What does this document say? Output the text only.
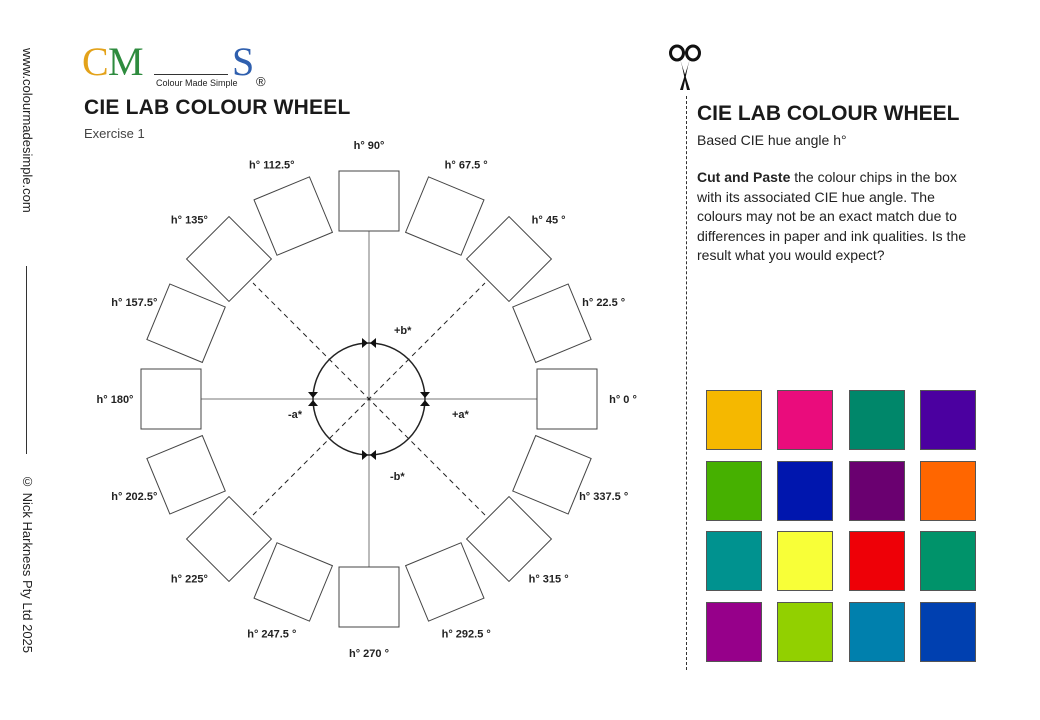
www.colourmadesimple.com
© Nick Harkness Pty Ltd 2025
C M S
Colour Made Simple ®
CIE LAB COLOUR WHEEL
Exercise 1
h° 0 °
h° 22.5 °
h° 45 °
h° 67.5 °
h° 90°
h° 112.5°
h° 135°
h° 157.5°
h° 180°
h° 202.5°
h° 225°
h° 247.5 °
h° 270 °
h° 292.5 °
h° 315 °
h° 337.5 °
+a*
-a*
+b*
-b*
CIE LAB COLOUR WHEEL
Based CIE hue angle h°

Cut and Paste the colour chips in the box with its associated CIE hue angle. The colours may not be an exact match due to differences in paper and ink qualities. Is the result what you would expect?
